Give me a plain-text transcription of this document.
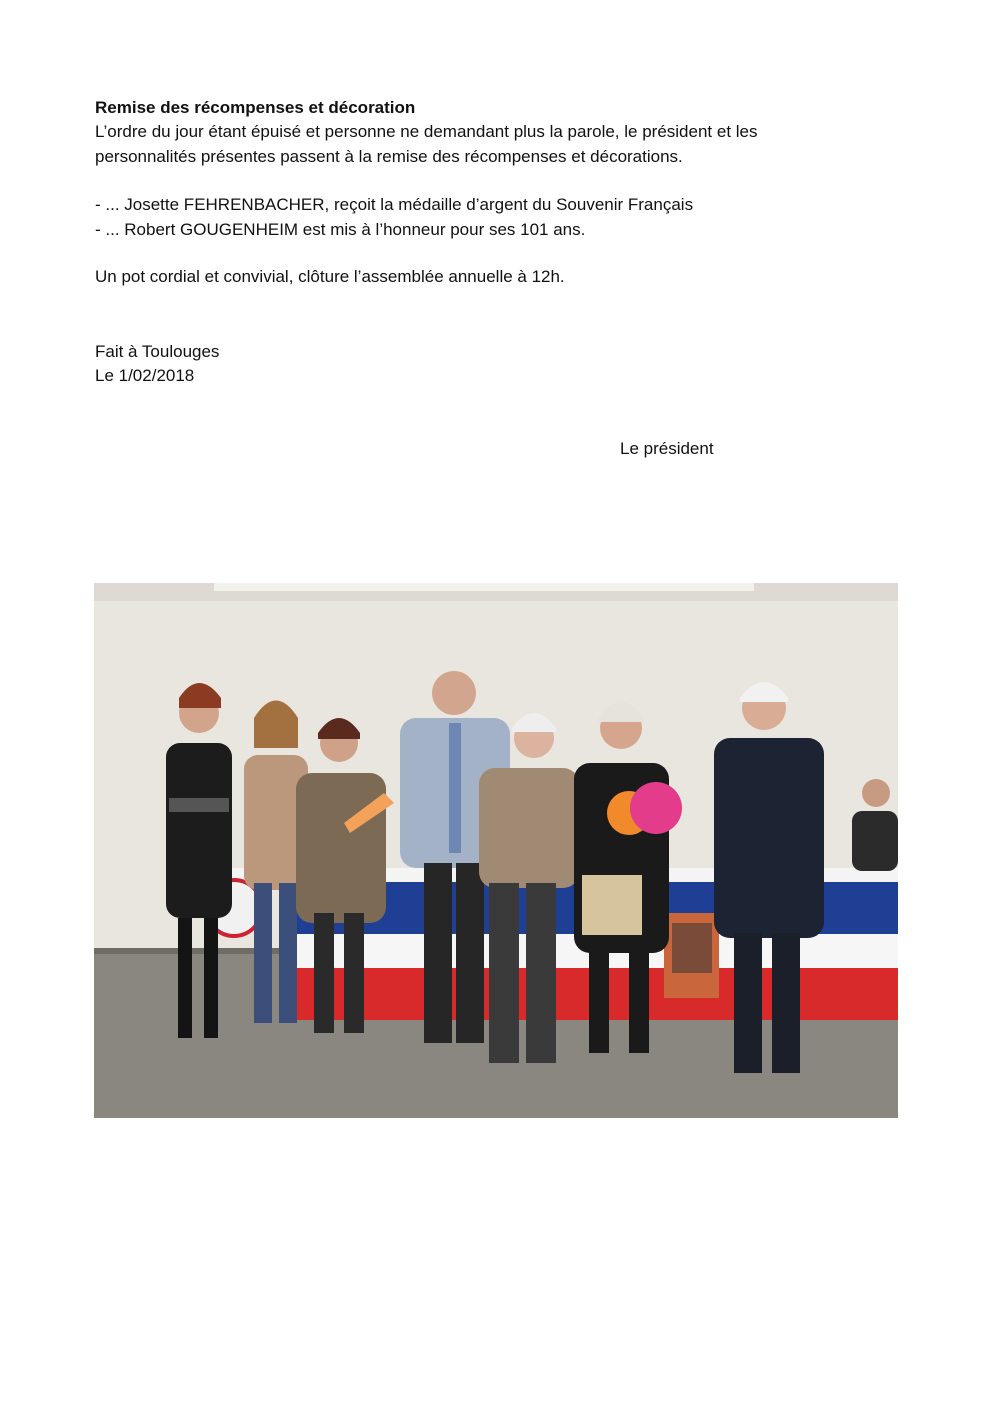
Remise des récompenses et décoration
L’ordre du jour étant épuisé et personne ne demandant plus la parole, le président et les
personnalités présentes passent à la remise des récompenses et décorations.
- ... Josette FEHRENBACHER, reçoit la médaille d’argent du Souvenir Français
- ... Robert GOUGENHEIM est mis à l’honneur pour ses 101 ans.
Un pot cordial et convivial, clôture l’assemblée annuelle à 12h.
Fait à Toulouges
Le 1/02/2018
Le président
